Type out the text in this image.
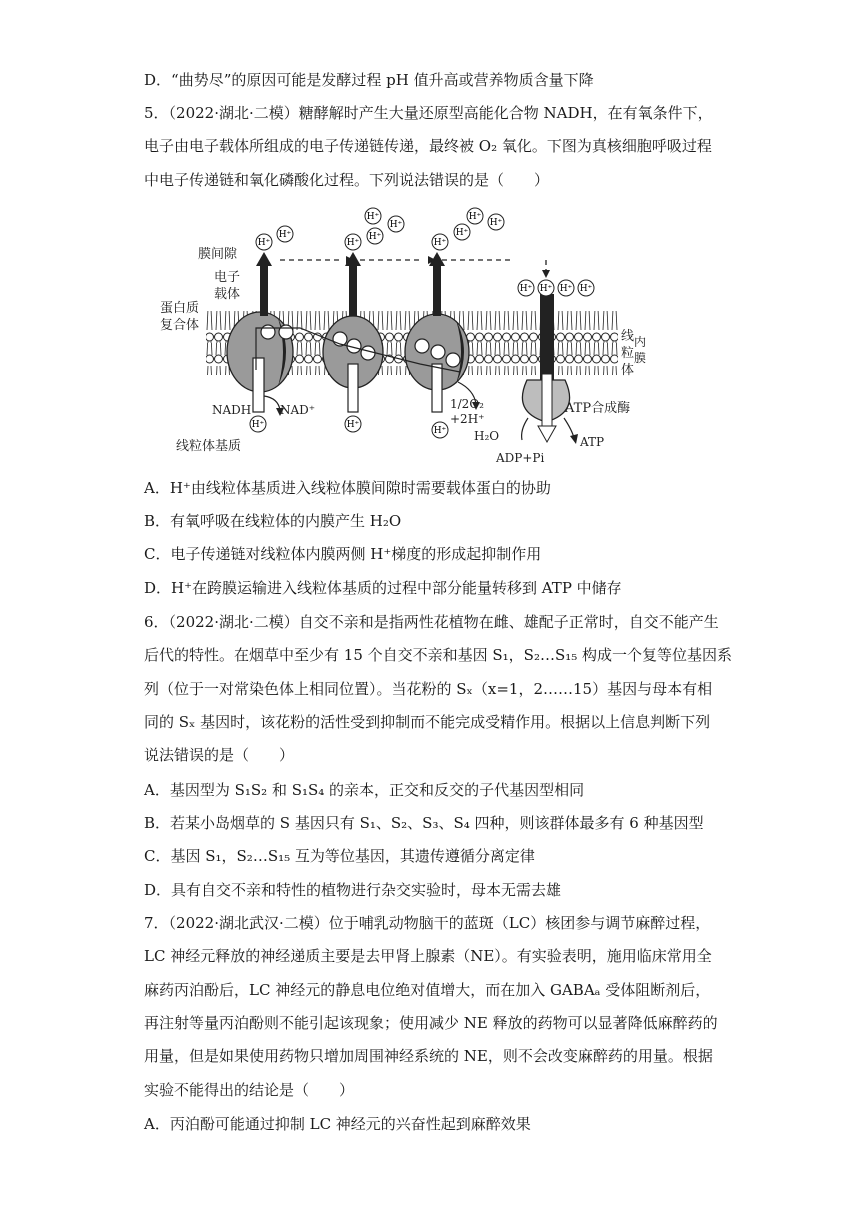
D．“曲势尽”的原因可能是发酵过程 pH 值升高或营养物质含量下降
5．（2022·湖北·二模）糖酵解时产生大量还原型高能化合物 NADH，在有氧条件下，
电子由电子载体所组成的电子传递链传递，最终被 O₂ 氧化。下图为真核细胞呼吸过程
中电子传递链和氧化磷酸化过程。下列说法错误的是（　　）
A．H⁺由线粒体基质进入线粒体膜间隙时需要载体蛋白的协助
B．有氧呼吸在线粒体的内膜产生 H₂O
C．电子传递链对线粒体内膜两侧 H⁺梯度的形成起抑制作用
D．H⁺在跨膜运输进入线粒体基质的过程中部分能量转移到 ATP 中储存
6．（2022·湖北·二模）自交不亲和是指两性花植物在雌、雄配子正常时，自交不能产生
后代的特性。在烟草中至少有 15 个自交不亲和基因 S₁，S₂…S₁₅ 构成一个复等位基因系
列（位于一对常染色体上相同位置）。当花粉的 Sₓ（x=1，2……15）基因与母本有相
同的 Sₓ 基因时，该花粉的活性受到抑制而不能完成受精作用。根据以上信息判断下列
说法错误的是（　　）
A．基因型为 S₁S₂ 和 S₁S₄ 的亲本，正交和反交的子代基因型相同
B．若某小岛烟草的 S 基因只有 S₁、S₂、S₃、S₄ 四种，则该群体最多有 6 种基因型
C．基因 S₁，S₂…S₁₅ 互为等位基因，其遗传遵循分离定律
D．具有自交不亲和特性的植物进行杂交实验时，母本无需去雄
7．（2022·湖北武汉·二模）位于哺乳动物脑干的蓝斑（LC）核团参与调节麻醉过程，
LC 神经元释放的神经递质主要是去甲肾上腺素（NE）。有实验表明，施用临床常用全
麻药丙泊酚后，LC 神经元的静息电位绝对值增大，而在加入 GABAₐ 受体阻断剂后，
再注射等量丙泊酚则不能引起该现象；使用减少 NE 释放的药物可以显著降低麻醉药的
用量，但是如果使用药物只增加周围神经系统的 NE，则不会改变麻醉药的用量。根据
实验不能得出的结论是（　　）
A．丙泊酚可能通过抑制 LC 神经元的兴奋性起到麻醉效果
H⁺
H⁺
H⁺
H⁺
H⁺
H⁺
H⁺
H⁺
H⁺
H⁺
H⁺ H⁺ H⁺ H⁺
H⁺	H⁺
H⁺
膜间隙
电子
载体
蛋白质
复合体
线
粒
体
内
膜
线粒体基质
NADH NAD⁺	1/2O₂
+2H⁺
H₂O
ATP合成酶
ATP
ADP+Pi
